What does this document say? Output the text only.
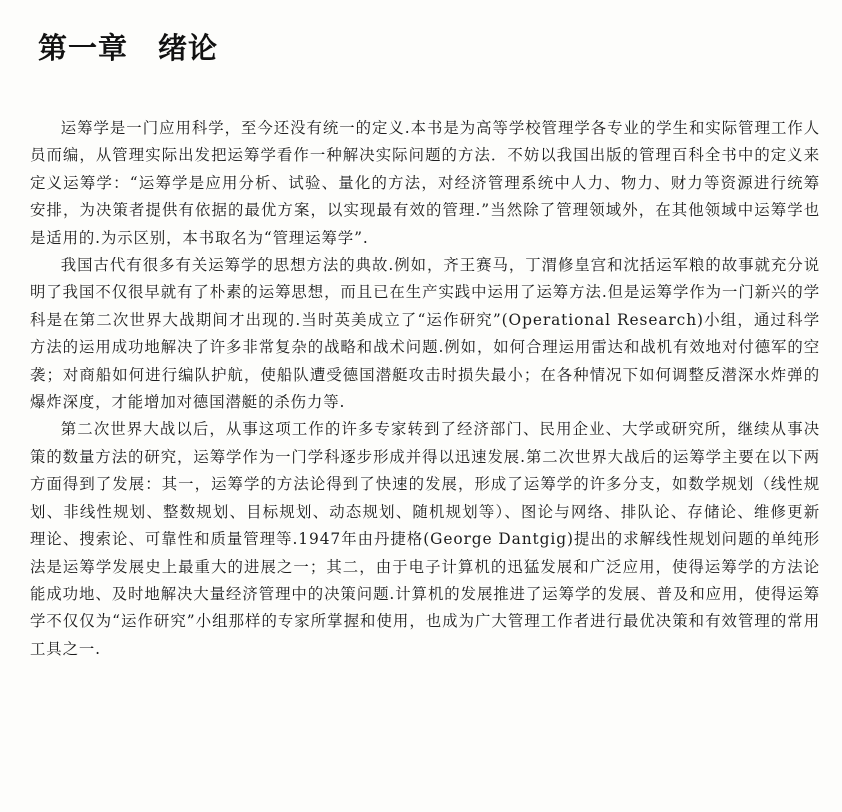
第一章 绪论

运筹学是一门应用科学，至今还没有统一的定义.本书是为高等学校管理学各专业的学生和实际管理工作人员而编，从管理实际出发把运筹学看作一种解决实际问题的方法．不妨以我国出版的管理百科全书中的定义来定义运筹学：“运筹学是应用分析、试验、量化的方法，对经济管理系统中人力、物力、财力等资源进行统筹安排，为决策者提供有依据的最优方案，以实现最有效的管理.”当然除了管理领域外，在其他领域中运筹学也是适用的.为示区别，本书取名为“管理运筹学”.

我国古代有很多有关运筹学的思想方法的典故.例如，齐王赛马，丁渭修皇宫和沈括运军粮的故事就充分说明了我国不仅很早就有了朴素的运筹思想，而且已在生产实践中运用了运筹方法.但是运筹学作为一门新兴的学科是在第二次世界大战期间才出现的.当时英美成立了“运作研究”(Operational Research)小组，通过科学方法的运用成功地解决了许多非常复杂的战略和战术问题.例如，如何合理运用雷达和战机有效地对付德军的空袭；对商船如何进行编队护航，使船队遭受德国潜艇攻击时损失最小；在各种情况下如何调整反潜深水炸弹的爆炸深度，才能增加对德国潜艇的杀伤力等.

第二次世界大战以后，从事这项工作的许多专家转到了经济部门、民用企业、大学或研究所，继续从事决策的数量方法的研究，运筹学作为一门学科逐步形成并得以迅速发展.第二次世界大战后的运筹学主要在以下两方面得到了发展：其一，运筹学的方法论得到了快速的发展，形成了运筹学的许多分支，如数学规划（线性规划、非线性规划、整数规划、目标规划、动态规划、随机规划等）、图论与网络、排队论、存储论、维修更新理论、搜索论、可靠性和质量管理等.1947年由丹捷格(George Dantgig)提出的求解线性规划问题的单纯形法是运筹学发展史上最重大的进展之一；其二，由于电子计算机的迅猛发展和广泛应用，使得运筹学的方法论能成功地、及时地解决大量经济管理中的决策问题.计算机的发展推进了运筹学的发展、普及和应用，使得运筹学不仅仅为“运作研究”小组那样的专家所掌握和使用，也成为广大管理工作者进行最优决策和有效管理的常用工具之一.
